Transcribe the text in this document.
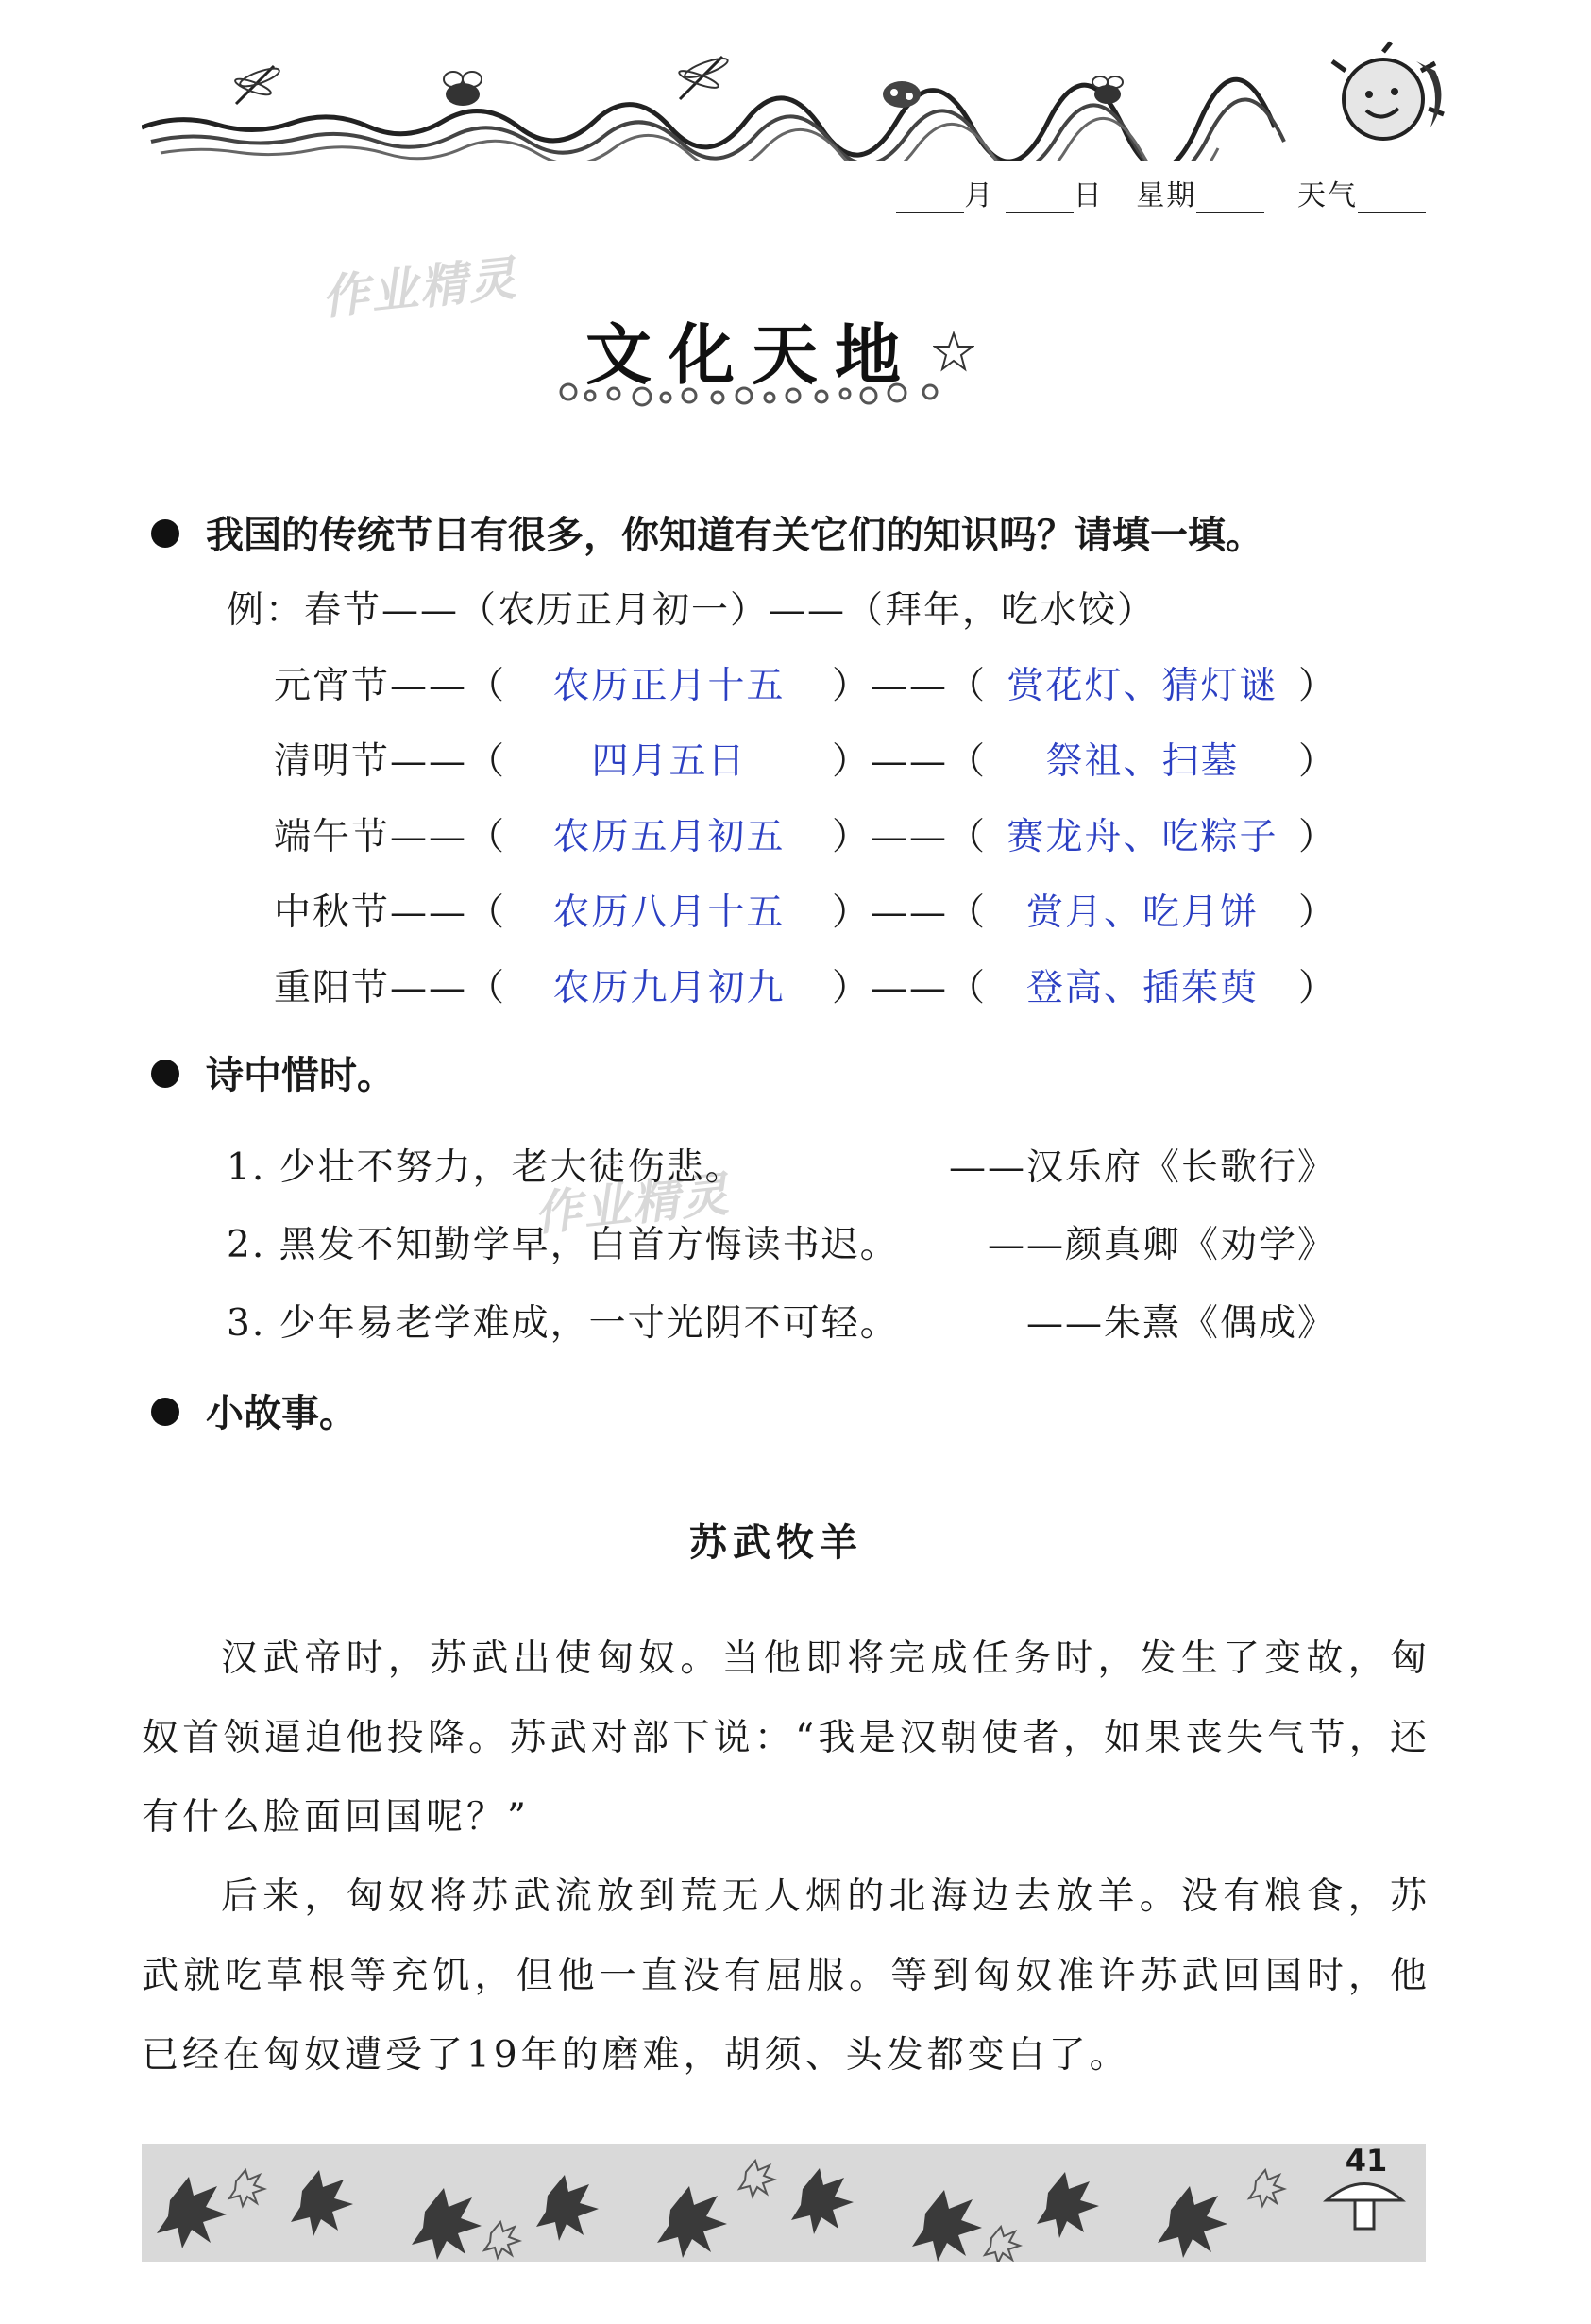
月	日 星期	天气
作业精灵
作业精灵
文化天地
我国的传统节日有很多，你知道有关它们的知识吗？请填一填。
例：春节——（农历正月初一）——（拜年，吃水饺）
元宵节——（ 农历正月十五 ）——（ 赏花灯、猜灯谜 ）
清明节——（ 四月五日 ）——（ 祭祖、扫墓 ）
端午节——（ 农历五月初五 ）——（ 赛龙舟、吃粽子 ）
中秋节——（ 农历八月十五 ）——（ 赏月、吃月饼 ）
重阳节——（ 农历九月初九 ）——（ 登高、插茱萸 ）
诗中惜时。
1. 少壮不努力，老大徒伤悲。	——汉乐府《长歌行》
2. 黑发不知勤学早，白首方悔读书迟。 ——颜真卿《劝学》
3. 少年易老学难成，一寸光阴不可轻。	——朱熹《偶成》
小故事。
苏武牧羊
汉武帝时，苏武出使匈奴。当他即将完成任务时，发生了变故，匈奴首领逼迫他投降。苏武对部下说：“我是汉朝使者，如果丧失气节，还有什么脸面回国呢？”
后来，匈奴将苏武流放到荒无人烟的北海边去放羊。没有粮食，苏武就吃草根等充饥，但他一直没有屈服。等到匈奴准许苏武回国时，他已经在匈奴遭受了19年的磨难，胡须、头发都变白了。
41
